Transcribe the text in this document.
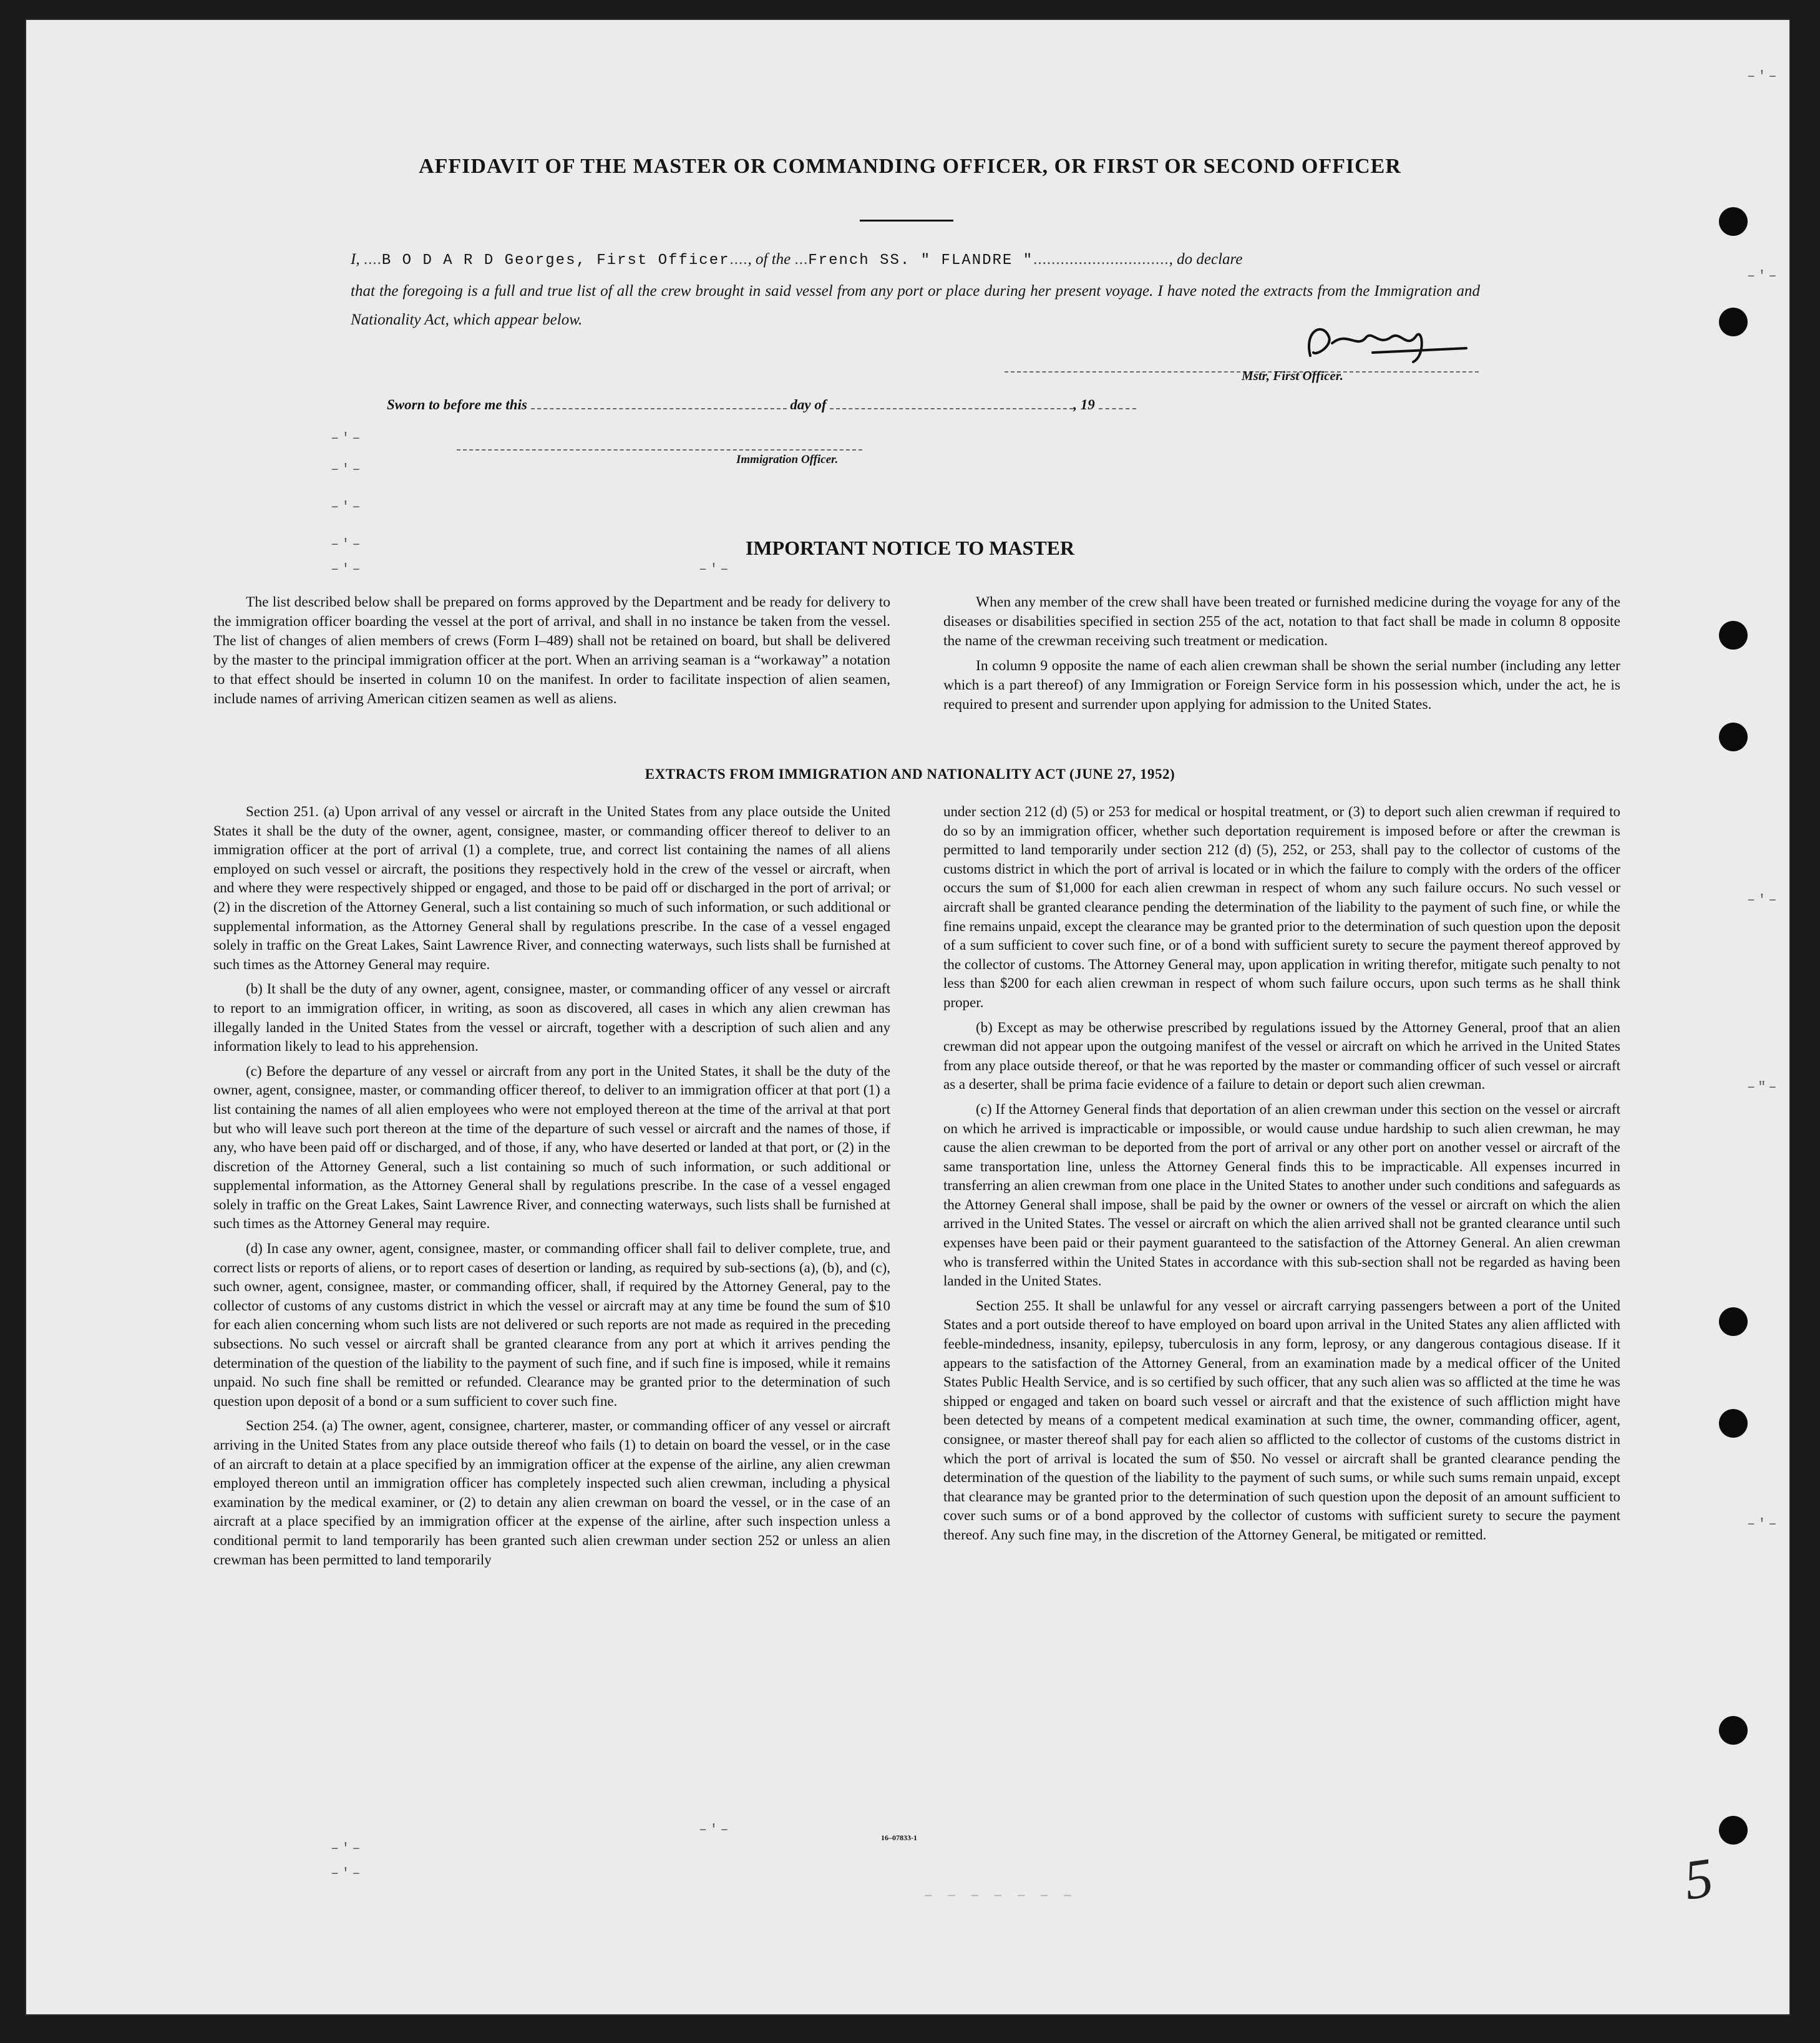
–'–
–'–
–'–
–"–
–'–
–'–
–'–
–'–
–'–
–'–	–'–
–'–
–'–
–'–
AFFIDAVIT OF THE MASTER OR COMMANDING OFFICER, OR FIRST OR SECOND OFFICER
I, ....B O D A R D Georges, First Officer...., of the ...French SS. " FLANDRE ".............................., do declare

that the foregoing is a full and true list of all the crew brought in said vessel from any port or place during her present voyage. I have noted the extracts from the Immigration and Nationality Act, which appear below.
Mstr, First Officer.
Sworn to before me this	day of	, 19
Immigration Officer.
IMPORTANT NOTICE TO MASTER

The list described below shall be prepared on forms approved by the Department and be ready for delivery to the immigration officer boarding the vessel at the port of arrival, and shall in no instance be taken from the vessel. The list of changes of alien members of crews (Form I–489) shall not be retained on board, but shall be delivered by the master to the principal immigration officer at the port. When an arriving seaman is a “workaway” a notation to that effect should be inserted in column 10 on the manifest. In order to facilitate inspection of alien seamen, include names of arriving American citizen seamen as well as aliens.

When any member of the crew shall have been treated or furnished medicine during the voyage for any of the diseases or disabilities specified in section 255 of the act, notation to that fact shall be made in column 8 opposite the name of the crewman receiving such treatment or medication.

In column 9 opposite the name of each alien crewman shall be shown the serial number (including any letter which is a part thereof) of any Immigration or Foreign Service form in his possession which, under the act, he is required to present and surrender upon applying for admission to the United States.

EXTRACTS FROM IMMIGRATION AND NATIONALITY ACT (JUNE 27, 1952)

Section 251. (a) Upon arrival of any vessel or aircraft in the United States from any place outside the United States it shall be the duty of the owner, agent, consignee, master, or commanding officer thereof to deliver to an immigration officer at the port of arrival (1) a complete, true, and correct list containing the names of all aliens employed on such vessel or aircraft, the positions they respectively hold in the crew of the vessel or aircraft, when and where they were respectively shipped or engaged, and those to be paid off or discharged in the port of arrival; or (2) in the discretion of the Attorney General, such a list containing so much of such information, or such additional or supplemental information, as the Attorney General shall by regulations prescribe. In the case of a vessel engaged solely in traffic on the Great Lakes, Saint Lawrence River, and connecting waterways, such lists shall be furnished at such times as the Attorney General may require.

(b) It shall be the duty of any owner, agent, consignee, master, or commanding officer of any vessel or aircraft to report to an immigration officer, in writing, as soon as discovered, all cases in which any alien crewman has illegally landed in the United States from the vessel or aircraft, together with a description of such alien and any information likely to lead to his apprehension.

(c) Before the departure of any vessel or aircraft from any port in the United States, it shall be the duty of the owner, agent, consignee, master, or commanding officer thereof, to deliver to an immigration officer at that port (1) a list containing the names of all alien employees who were not employed thereon at the time of the arrival at that port but who will leave such port thereon at the time of the departure of such vessel or aircraft and the names of those, if any, who have been paid off or discharged, and of those, if any, who have deserted or landed at that port, or (2) in the discretion of the Attorney General, such a list containing so much of such information, or such additional or supplemental information, as the Attorney General shall by regulations prescribe. In the case of a vessel engaged solely in traffic on the Great Lakes, Saint Lawrence River, and connecting waterways, such lists shall be furnished at such times as the Attorney General may require.

(d) In case any owner, agent, consignee, master, or commanding officer shall fail to deliver complete, true, and correct lists or reports of aliens, or to report cases of desertion or landing, as required by sub-sections (a), (b), and (c), such owner, agent, consignee, master, or commanding officer, shall, if required by the Attorney General, pay to the collector of customs of any customs district in which the vessel or aircraft may at any time be found the sum of $10 for each alien concerning whom such lists are not delivered or such reports are not made as required in the preceding subsections. No such vessel or aircraft shall be granted clearance from any port at which it arrives pending the determination of the question of the liability to the payment of such fine, and if such fine is imposed, while it remains unpaid. No such fine shall be remitted or refunded. Clearance may be granted prior to the determination of such question upon deposit of a bond or a sum sufficient to cover such fine.

Section 254. (a) The owner, agent, consignee, charterer, master, or commanding officer of any vessel or aircraft arriving in the United States from any place outside thereof who fails (1) to detain on board the vessel, or in the case of an aircraft to detain at a place specified by an immigration officer at the expense of the airline, any alien crewman employed thereon until an immigration officer has completely inspected such alien crewman, including a physical examination by the medical examiner, or (2) to detain any alien crewman on board the vessel, or in the case of an aircraft at a place specified by an immigration officer at the expense of the airline, after such inspection unless a conditional permit to land temporarily has been granted such alien crewman under section 252 or unless an alien crewman has been permitted to land temporarily

under section 212 (d) (5) or 253 for medical or hospital treatment, or (3) to deport such alien crewman if required to do so by an immigration officer, whether such deportation requirement is imposed before or after the crewman is permitted to land temporarily under section 212 (d) (5), 252, or 253, shall pay to the collector of customs of the customs district in which the port of arrival is located or in which the failure to comply with the orders of the officer occurs the sum of $1,000 for each alien crewman in respect of whom any such failure occurs. No such vessel or aircraft shall be granted clearance pending the determination of the liability to the payment of such fine, or while the fine remains unpaid, except the clearance may be granted prior to the determination of such question upon the deposit of a sum sufficient to cover such fine, or of a bond with sufficient surety to secure the payment thereof approved by the collector of customs. The Attorney General may, upon application in writing therefor, mitigate such penalty to not less than $200 for each alien crewman in respect of whom such failure occurs, upon such terms as he shall think proper.

(b) Except as may be otherwise prescribed by regulations issued by the Attorney General, proof that an alien crewman did not appear upon the outgoing manifest of the vessel or aircraft on which he arrived in the United States from any place outside thereof, or that he was reported by the master or commanding officer of such vessel or aircraft as a deserter, shall be prima facie evidence of a failure to detain or deport such alien crewman.

(c) If the Attorney General finds that deportation of an alien crewman under this section on the vessel or aircraft on which he arrived is impracticable or impossible, or would cause undue hardship to such alien crewman, he may cause the alien crewman to be deported from the port of arrival or any other port on another vessel or aircraft of the same transportation line, unless the Attorney General finds this to be impracticable. All expenses incurred in transferring an alien crewman from one place in the United States to another under such conditions and safeguards as the Attorney General shall impose, shall be paid by the owner or owners of the vessel or aircraft on which the alien arrived in the United States. The vessel or aircraft on which the alien arrived shall not be granted clearance until such expenses have been paid or their payment guaranteed to the satisfaction of the Attorney General. An alien crewman who is transferred within the United States in accordance with this sub-section shall not be regarded as having been landed in the United States.

Section 255. It shall be unlawful for any vessel or aircraft carrying passengers between a port of the United States and a port outside thereof to have employed on board upon arrival in the United States any alien afflicted with feeble-mindedness, insanity, epilepsy, tuberculosis in any form, leprosy, or any dangerous contagious disease. If it appears to the satisfaction of the Attorney General, from an examination made by a medical officer of the United States Public Health Service, and is so certified by such officer, that any such alien was so afflicted at the time he was shipped or engaged and taken on board such vessel or aircraft and that the existence of such affliction might have been detected by means of a competent medical examination at such time, the owner, commanding officer, agent, consignee, or master thereof shall pay for each alien so afflicted to the collector of customs of the customs district in which the port of arrival is located the sum of $50. No vessel or aircraft shall be granted clearance pending the determination of the question of the liability to the payment of such sums, or while such sums remain unpaid, except that clearance may be granted prior to the determination of such question upon the deposit of an amount sufficient to cover such sums or of a bond approved by the collector of customs with sufficient surety to secure the payment thereof. Any such fine may, in the discretion of the Attorney General, be mitigated or remitted.

16–07833-1
– – – – – – –	5
